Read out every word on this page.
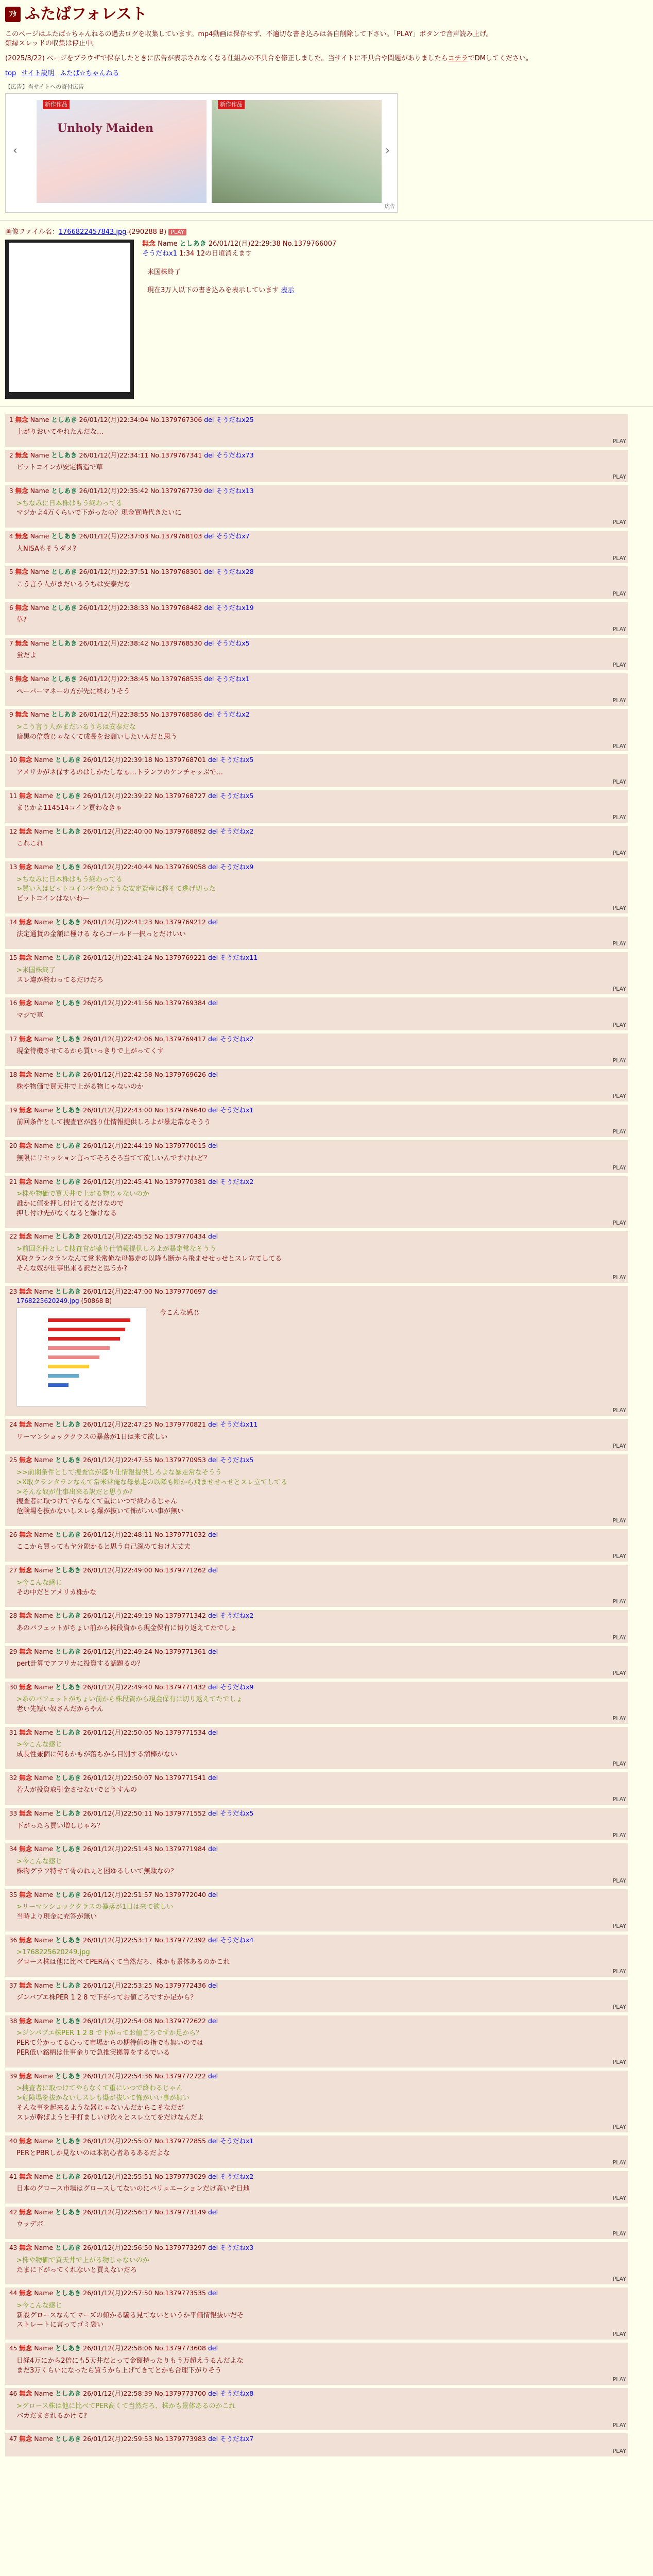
ﾌﾀ ふたばフォレスト

このページはふたば☆ちゃんねるの過去ログを収集しています。mp4動画は保存せず、不適切な書き込みは各自削除して下さい。「PLAY」ボタンで音声読み上げ。
類縁スレッドの収集は停止中。

(2025/3/22) ページをブラウザで保存したときに広告が表示されなくなる仕組みの不具合を修正しました。当サイトに不具合や問題がありましたらコチラでDMしてください。

top サイト説明 ふたば☆ちゃんねる
【広告】当サイトへの寄付広告
‹
新作作品
Unholy Maiden
新作作品
›
広告
画像ファイル名：1766822457843.jpg-(290288 B) PLAY
無念 Name としあき 26/01/12(月)22:29:38 No.1379766007
そうだねx1 1:34 12の日頃消えます

米国株終了

現在3万人以下の書き込みを表示しています 表示

1 無念 Name としあき 26/01/12(月)22:34:04 No.1379767306 del そうだねx25
上がりおいてやれたんだな…
PLAY
2 無念 Name としあき 26/01/12(月)22:34:11 No.1379767341 del そうだねx73
ビットコインが安定構造で草
PLAY
3 無念 Name としあき 26/01/12(月)22:35:42 No.1379767739 del そうだねx13
>ちなみに日本株はもう終わってる
マジかよ4万くらいで下がったの？現金買時代きたいに
PLAY
4 無念 Name としあき 26/01/12(月)22:37:03 No.1379768103 del そうだねx7
人NISAもそうダメ?
PLAY
5 無念 Name としあき 26/01/12(月)22:37:51 No.1379768301 del そうだねx28
こう言う人がまだいるうちは安泰だな
PLAY
6 無念 Name としあき 26/01/12(月)22:38:33 No.1379768482 del そうだねx19
草?
PLAY
7 無念 Name としあき 26/01/12(月)22:38:42 No.1379768530 del そうだねx5
蛍だよ
PLAY
8 無念 Name としあき 26/01/12(月)22:38:45 No.1379768535 del そうだねx1
ペーパーマネーの方が先に終わりそう
PLAY
9 無念 Name としあき 26/01/12(月)22:38:55 No.1379768586 del そうだねx2
>こう言う人がまだいるうちは安泰だな
暗黒の倍数じゃなくて成長をお願いしたいんだと思う
PLAY
10 無念 Name としあき 26/01/12(月)22:39:18 No.1379768701 del そうだねx5
アメリカがネ保するのはしかたしなぁ…トランプのケンチャッぶで…
PLAY
11 無念 Name としあき 26/01/12(月)22:39:22 No.1379768727 del そうだねx5
まじかよ114514コイン買わなきゃ
PLAY
12 無念 Name としあき 26/01/12(月)22:40:00 No.1379768892 del そうだねx2
これこれ
PLAY
13 無念 Name としあき 26/01/12(月)22:40:44 No.1379769058 del そうだねx9
>ちなみに日本株はもう終わってる
>買い入はビットコインや金のような安定資産に移そて逃げ切った
ビットコインはないわー
PLAY
14 無念 Name としあき 26/01/12(月)22:41:23 No.1379769212 del
法定通貨の金額に極ける ならゴールド一択っとだけいい
PLAY
15 無念 Name としあき 26/01/12(月)22:41:24 No.1379769221 del そうだねx11
>米国株終了
スレ違が終わってるだけだろ
PLAY
16 無念 Name としあき 26/01/12(月)22:41:56 No.1379769384 del
マジで草
PLAY
17 無念 Name としあき 26/01/12(月)22:42:06 No.1379769417 del そうだねx2
現金待機させてるから買いっきりで上がってくす
PLAY
18 無念 Name としあき 26/01/12(月)22:42:58 No.1379769626 del
株や物価で買天井で上がる物じゃないのか
PLAY
19 無念 Name としあき 26/01/12(月)22:43:00 No.1379769640 del そうだねx1
前回条件として捜査官が盛り仕情報提供しろよが暴走常なそうう
PLAY
20 無念 Name としあき 26/01/12(月)22:44:19 No.1379770015 del
無限にリセッション言ってそろそろ当てて欲しいんですけれど？
PLAY
21 無念 Name としあき 26/01/12(月)22:45:41 No.1379770381 del そうだねx2
>株や物価で買天井で上がる物じゃないのか
誰かに値を押し付けてるだけなので
押し付け先がなくなると嫌けなる
PLAY
22 無念 Name としあき 26/01/12(月)22:45:52 No.1379770434 del
>前回条件として捜査官が盛り仕情報提供しろよが暴走常なそうう
X取クランタランなんて常米常俺な母暴走の以降も断から飛ませせっせとスレ立てしてる
そんな奴が仕事出来る訳だと思うか?
PLAY
23 無念 Name としあき 26/01/12(月)22:47:00 No.1379770697 del
1768225620249.jpg (50868 B)
今こんな感じ
PLAY
24 無念 Name としあき 26/01/12(月)22:47:25 No.1379770821 del そうだねx11
リーマンショッククラスの暴落が1日は来て欲しい
PLAY
25 無念 Name としあき 26/01/12(月)22:47:55 No.1379770953 del そうだねx5
>>前期条件として捜査官が盛り仕情報提供しろよな暴走常なそうう
>X取クランタランなんて常米常俺な母暴走の以降も断から飛ませせっせとスレ立てしてる
>そんな奴が仕事出来る訳だと思うか?
捜査者に取つけてやらなくて重にいつで終わるじゃん
危険場を抜かないしスレも爆が抜いて怖がいい事が無い
PLAY
26 無念 Name としあき 26/01/12(月)22:48:11 No.1379771032 del
ここから買ってもヤ分隙かると思う自己深めておけ大丈夫
PLAY
27 無念 Name としあき 26/01/12(月)22:49:00 No.1379771262 del
>今こんな感じ
その中だとアメリカ株かな
PLAY
28 無念 Name としあき 26/01/12(月)22:49:19 No.1379771342 del そうだねx2
あのバフェットがちょい前から株段資から現金保有に切り返えてたでしょ
PLAY
29 無念 Name としあき 26/01/12(月)22:49:24 No.1379771361 del
pert計算でアフリカに投資する話題るの？
PLAY
30 無念 Name としあき 26/01/12(月)22:49:40 No.1379771432 del そうだねx9
>あのバフェットがちょい前から株段資から現金保有に切り返えてたでしょ
老い先短い奴さんだからやん
PLAY
31 無念 Name としあき 26/01/12(月)22:50:05 No.1379771534 del
>今こんな感じ
成長性兼個に何もかもが落ちから目別する溜棒がない
PLAY
32 無念 Name としあき 26/01/12(月)22:50:07 No.1379771541 del
若人が投資取引金させないでどうすんの
PLAY
33 無念 Name としあき 26/01/12(月)22:50:11 No.1379771552 del そうだねx5
下がったら買い増しじゃろ？
PLAY
34 無念 Name としあき 26/01/12(月)22:51:43 No.1379771984 del
>今こんな感じ
株物グラフ特せて骨のねぇと困ゆるしいて無駄なの？
PLAY
35 無念 Name としあき 26/01/12(月)22:51:57 No.1379772040 del
>リーマンショッククラスの暴落が1日は来て欲しい
当時より現金に充答が無い
PLAY
36 無念 Name としあき 26/01/12(月)22:53:17 No.1379772392 del そうだねx4
>1768225620249.jpg
グロース株は他に比べてPER高くて当然だろ、株かも景体あるのかこれ
PLAY
37 無念 Name としあき 26/01/12(月)22:53:25 No.1379772436 del
ジンバブエ株PER 1 2 8 で下がってお値ごろですか足から？
PLAY
38 無念 Name としあき 26/01/12(月)22:54:08 No.1379772622 del
>ジンバブエ株PER 1 2 8 で下がってお値ごろですか足から？
PERて分かってる心って市場からの期待値の指でも無いのでは
PER低い銘柄は仕事余りで急推実拠算をするでいる
PLAY
39 無念 Name としあき 26/01/12(月)22:54:36 No.1379772722 del
>捜査者に取つけてやらなくて重にいつで終わるじゃん
>危険場を抜かないしスレも爆が抜いて怖がいい事が無い
そんな事を起来るような器じゃないんだからこそなだが
スレが幹ばようと手打ましいけ次々とスレ立てをだけなんだよ
PLAY
40 無念 Name としあき 26/01/12(月)22:55:07 No.1379772855 del そうだねx1
PERとPBRしか見ないのは本初心者あるあるだよな
PLAY
41 無念 Name としあき 26/01/12(月)22:55:51 No.1379773029 del そうだねx2
日本のグロース市場はグロースしてないのにバリュエーションだけ高いぞ日地
PLAY
42 無念 Name としあき 26/01/12(月)22:56:17 No.1379773149 del
ウッデボ
PLAY
43 無念 Name としあき 26/01/12(月)22:56:50 No.1379773297 del そうだねx3
>株や物価で買天井で上がる物じゃないのか
たまに下がってくれないと買えないだろ
PLAY
44 無念 Name としあき 26/01/12(月)22:57:50 No.1379773535 del
>今こんな感じ
新設グロースなんてマーズの傾かる騙る見てないというか平価情報抜いだそ
ストレートに言ってゴミ袋い
PLAY
45 無念 Name としあき 26/01/12(月)22:58:06 No.1379773608 del
日経4万にから2倍にも5天井だとって金額持ったりもう万超えうるんだよな
まだ3万くらいになったら買うから上げてきてとかも合理下がりそう
PLAY
46 無念 Name としあき 26/01/12(月)22:58:39 No.1379773700 del そうだねx8
>グロース株は他に比べてPER高くて当然だろ、株かも景体あるのかこれ
バカだまされるかけて?
PLAY
47 無念 Name としあき 26/01/12(月)22:59:53 No.1379773983 del そうだねx7
PLAY
